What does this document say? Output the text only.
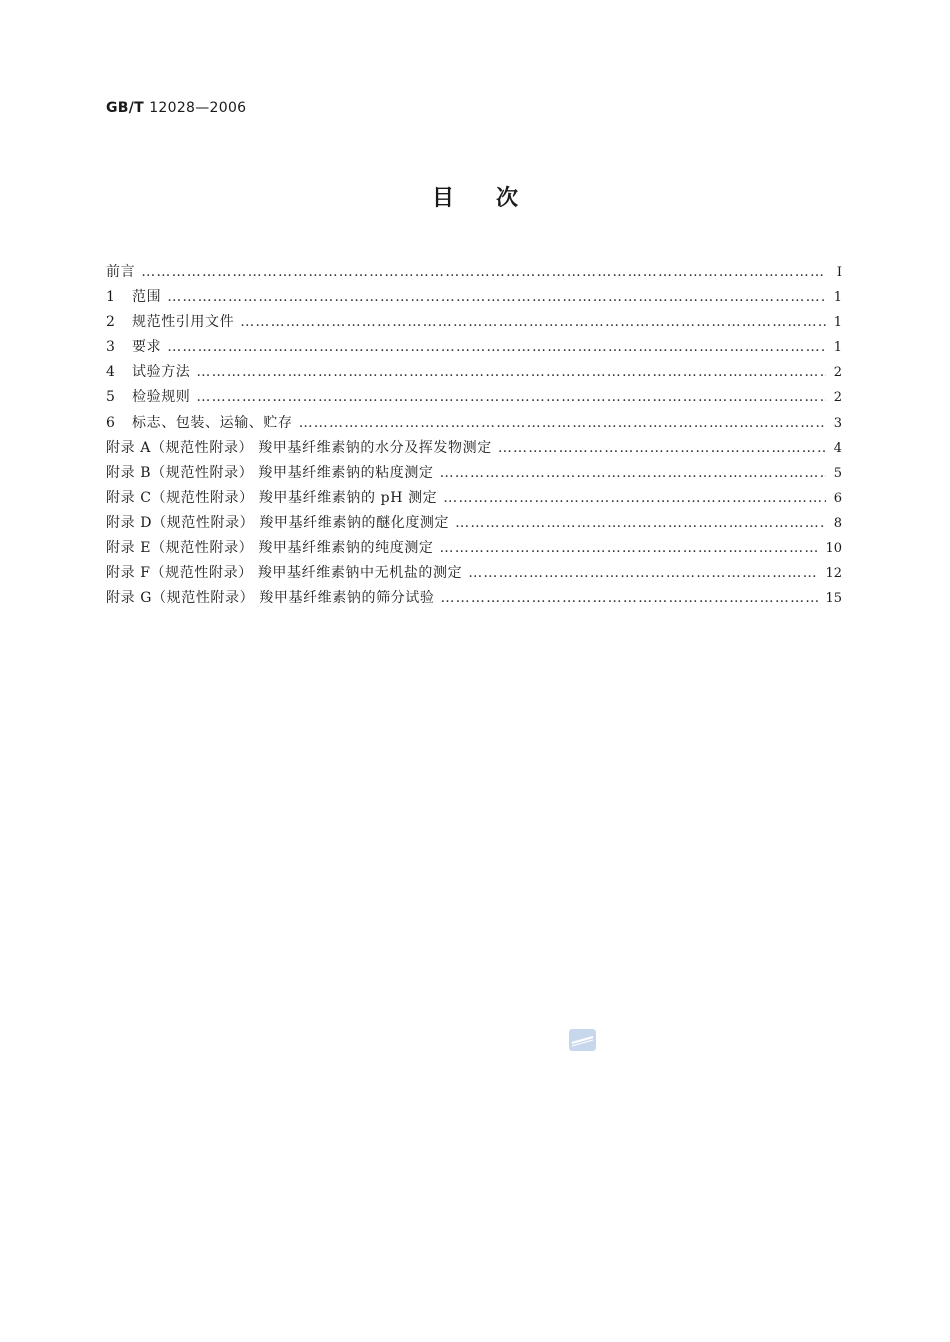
GB/T 12028—2006
目次
前言 ……………………………………………………………………………………………………………………………………………………………………………………………………………………	Ⅰ
1 范围 ……………………………………………………………………………………………………………………………………………………………………………………………………………………	1
2 规范性引用文件 ……………………………………………………………………………………………………………………………………………………………………………………………………………………	1
3 要求 ……………………………………………………………………………………………………………………………………………………………………………………………………………………	1
4 试验方法 ……………………………………………………………………………………………………………………………………………………………………………………………………………………	2
5 检验规则 ……………………………………………………………………………………………………………………………………………………………………………………………………………………	2
6 标志、包装、运输、贮存 ……………………………………………………………………………………………………………………………………………………………………………………………………………………	3
附录 A（规范性附录） 羧甲基纤维素钠的水分及挥发物测定 ……………………………………………………………………………………………………………………………………………………………………………………………………………………	4
附录 B（规范性附录） 羧甲基纤维素钠的粘度测定 ……………………………………………………………………………………………………………………………………………………………………………………………………………………	5
附录 C（规范性附录） 羧甲基纤维素钠的 pH 测定 ……………………………………………………………………………………………………………………………………………………………………………………………………………………	6
附录 D（规范性附录） 羧甲基纤维素钠的醚化度测定 ……………………………………………………………………………………………………………………………………………………………………………………………………………………	8
附录 E（规范性附录） 羧甲基纤维素钠的纯度测定 ……………………………………………………………………………………………………………………………………………………………………………………………………………………	10
附录 F（规范性附录） 羧甲基纤维素钠中无机盐的测定 ……………………………………………………………………………………………………………………………………………………………………………………………………………………	12
附录 G（规范性附录） 羧甲基纤维素钠的筛分试验 ……………………………………………………………………………………………………………………………………………………………………………………………………………………	15
